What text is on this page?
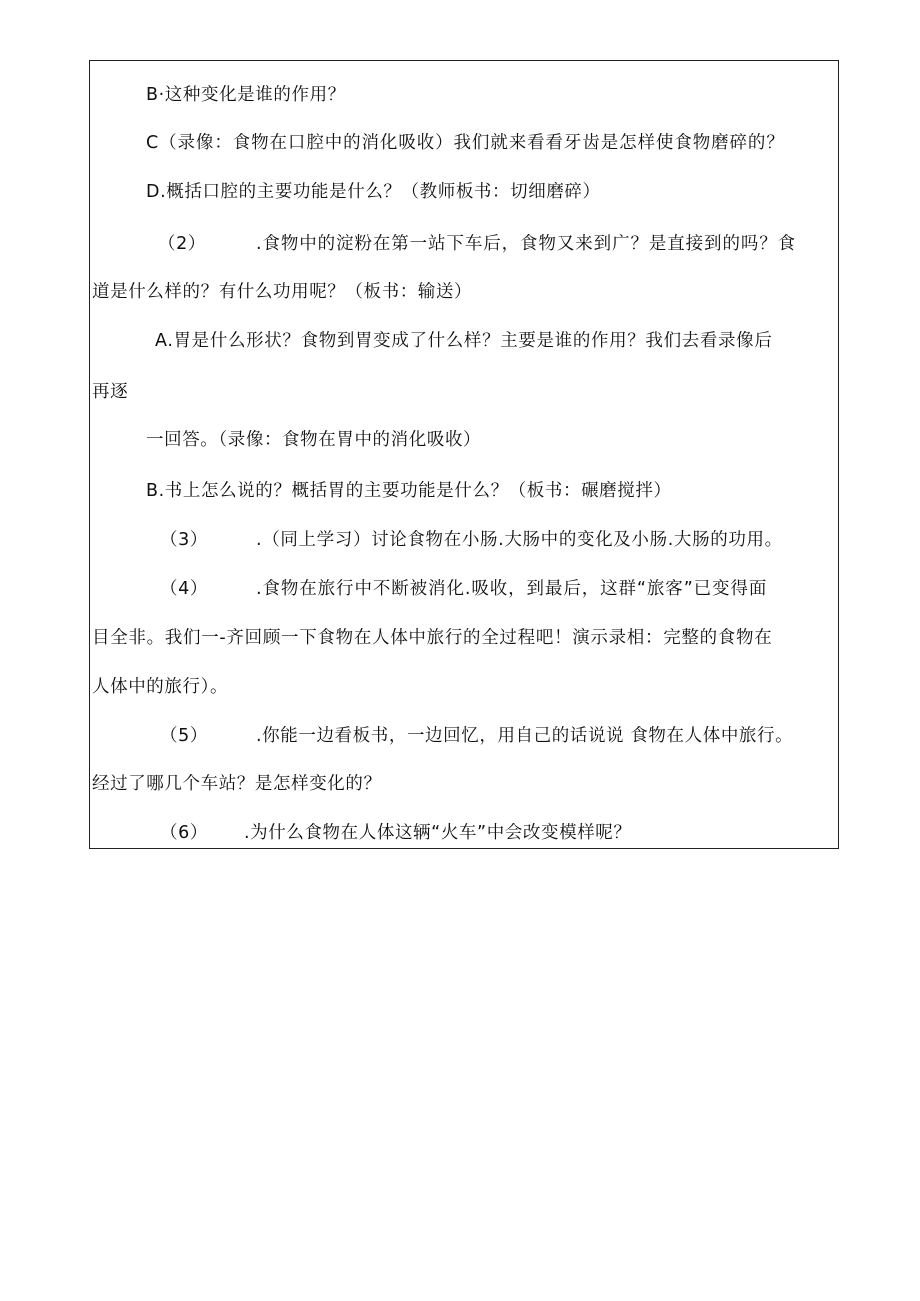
B·这种变化是谁的作用？
C（录像：食物在口腔中的消化吸收）我们就来看看牙齿是怎样使食物磨碎的？
D.概括口腔的主要功能是什么？（教师板书：切细磨碎）
（2）	.食物中的淀粉在第一站下车后，食物又来到广？是直接到的吗？食
道是什么样的？有什么功用呢？（板书：输送）
A.胃是什么形状？食物到胃变成了什么样？主要是谁的作用？我们去看录像后
再逐
一回答。（录像：食物在胃中的消化吸收）
B.书上怎么说的？概括胃的主要功能是什么？（板书：碾磨搅拌）
（3）	.（同上学习）讨论食物在小肠.大肠中的变化及小肠.大肠的功用。
（4）	.食物在旅行中不断被消化.吸收，到最后，这群“旅客”已变得面
目全非。我们一-齐回顾一下食物在人体中旅行的全过程吧！演示录相：完整的食物在
人体中的旅行）。
（5）	.你能一边看板书，一边回忆，用自己的话说说 食物在人体中旅行。
经过了哪几个车站？是怎样变化的？
（6） .为什么食物在人体这辆“火车”中会改变模样呢？
